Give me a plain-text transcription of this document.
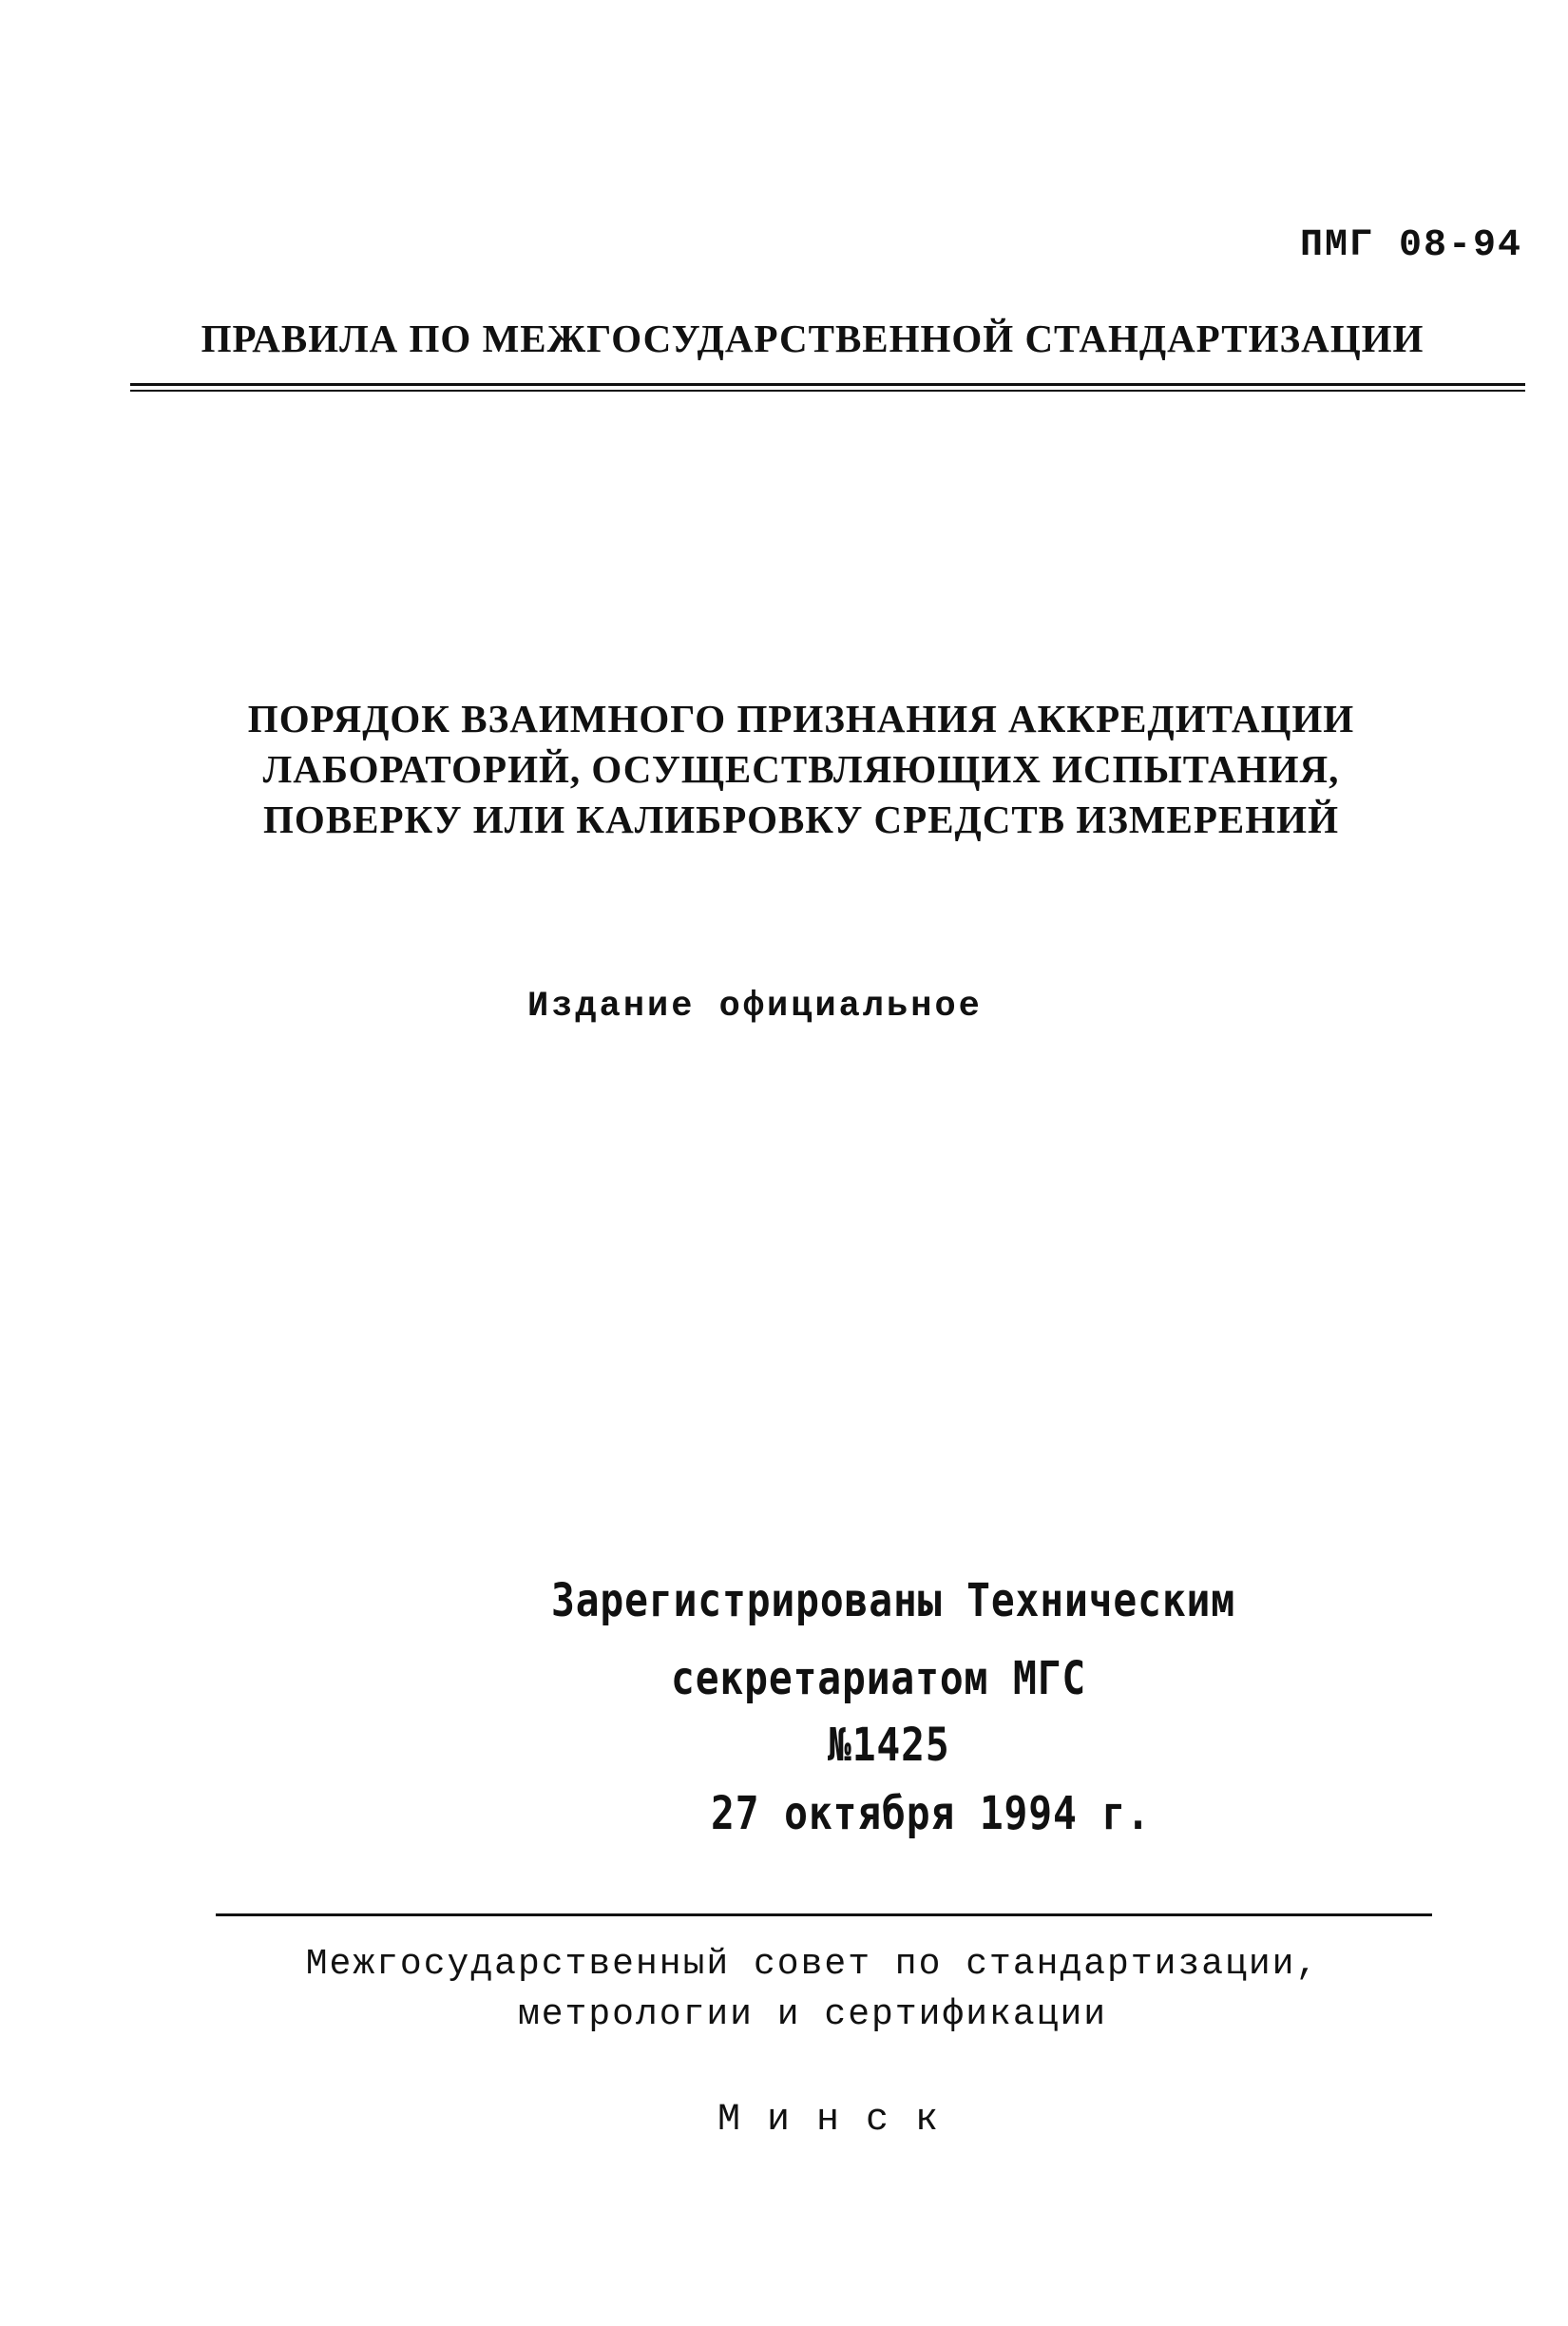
ПМГ 08-94
ПРАВИЛА ПО МЕЖГОСУДАРСТВЕННОЙ СТАНДАРТИЗАЦИИ
ПОРЯДОК ВЗАИМНОГО ПРИЗНАНИЯ АККРЕДИТАЦИИ
ЛАБОРАТОРИЙ, ОСУЩЕСТВЛЯЮЩИХ ИСПЫТАНИЯ,
ПОВЕРКУ ИЛИ КАЛИБРОВКУ СРЕДСТВ ИЗМЕРЕНИЙ
Издание официальное
Зарегистрированы Техническим
секретариатом МГС
№1425
27 октября 1994 г.
Межгосударственный совет по стандартизации,
метрологии и сертификации
М и н с к
